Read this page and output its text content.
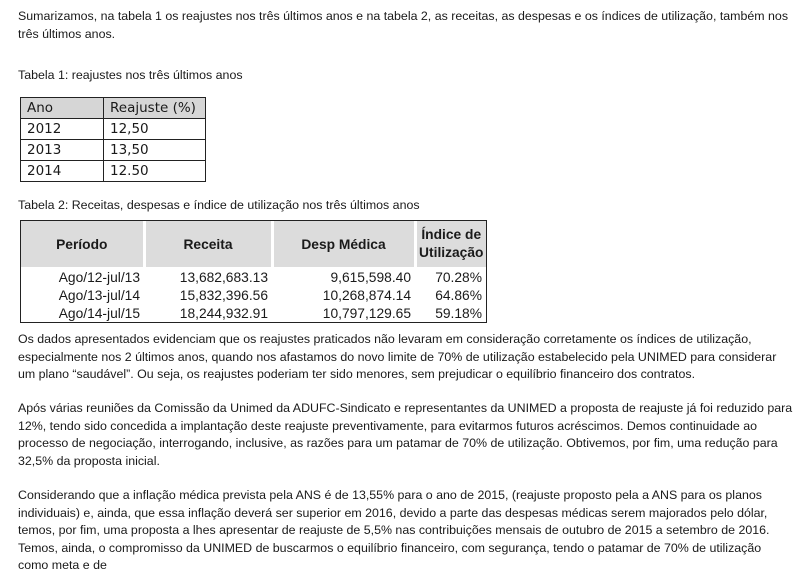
Sumarizamos, na tabela 1 os reajustes nos três últimos anos e na tabela 2, as receitas, as despesas e os índices de utilização, também nos três últimos anos.

Tabela 1: reajustes nos três últimos anos
Ano	Reajuste (%)
2012	12,50
2013	13,50
2014	12.50
Tabela 2: Receitas, despesas e índice de utilização nos três últimos anos
Período	Receita	Desp Médica	Índice de
Utilização
Ago/12-jul/13	13,682,683.13	9,615,598.40	70.28%
Ago/13-jul/14	15,832,396.56	10,268,874.14	64.86%
Ago/14-jul/15	18,244,932.91	10,797,129.65	59.18%

Os dados apresentados evidenciam que os reajustes praticados não levaram em consideração corretamente os índices de utilização, especialmente nos 2 últimos anos, quando nos afastamos do novo limite de 70% de utilização estabelecido pela UNIMED para considerar um plano “saudável”. Ou seja, os reajustes poderiam ter sido menores, sem prejudicar o equilíbrio financeiro dos contratos.

Após várias reuniões da Comissão da Unimed da ADUFC-Sindicato e representantes da UNIMED a proposta de reajuste já foi reduzido para 12%, tendo sido concedida a implantação deste reajuste preventivamente, para evitarmos futuros acréscimos. Demos continuidade ao processo de negociação, interrogando, inclusive, as razões para um patamar de 70% de utilização. Obtivemos, por fim, uma redução para 32,5% da proposta inicial.

Considerando que a inflação médica prevista pela ANS é de 13,55% para o ano de 2015, (reajuste proposto pela a ANS para os planos individuais) e, ainda, que essa inflação deverá ser superior em 2016, devido a parte das despesas médicas serem majorados pelo dólar, temos, por fim, uma proposta a lhes apresentar de reajuste de 5,5% nas contribuições mensais de outubro de 2015 a setembro de 2016. Temos, ainda, o compromisso da UNIMED de buscarmos o equilíbrio financeiro, com segurança, tendo o patamar de 70% de utilização como meta e de
